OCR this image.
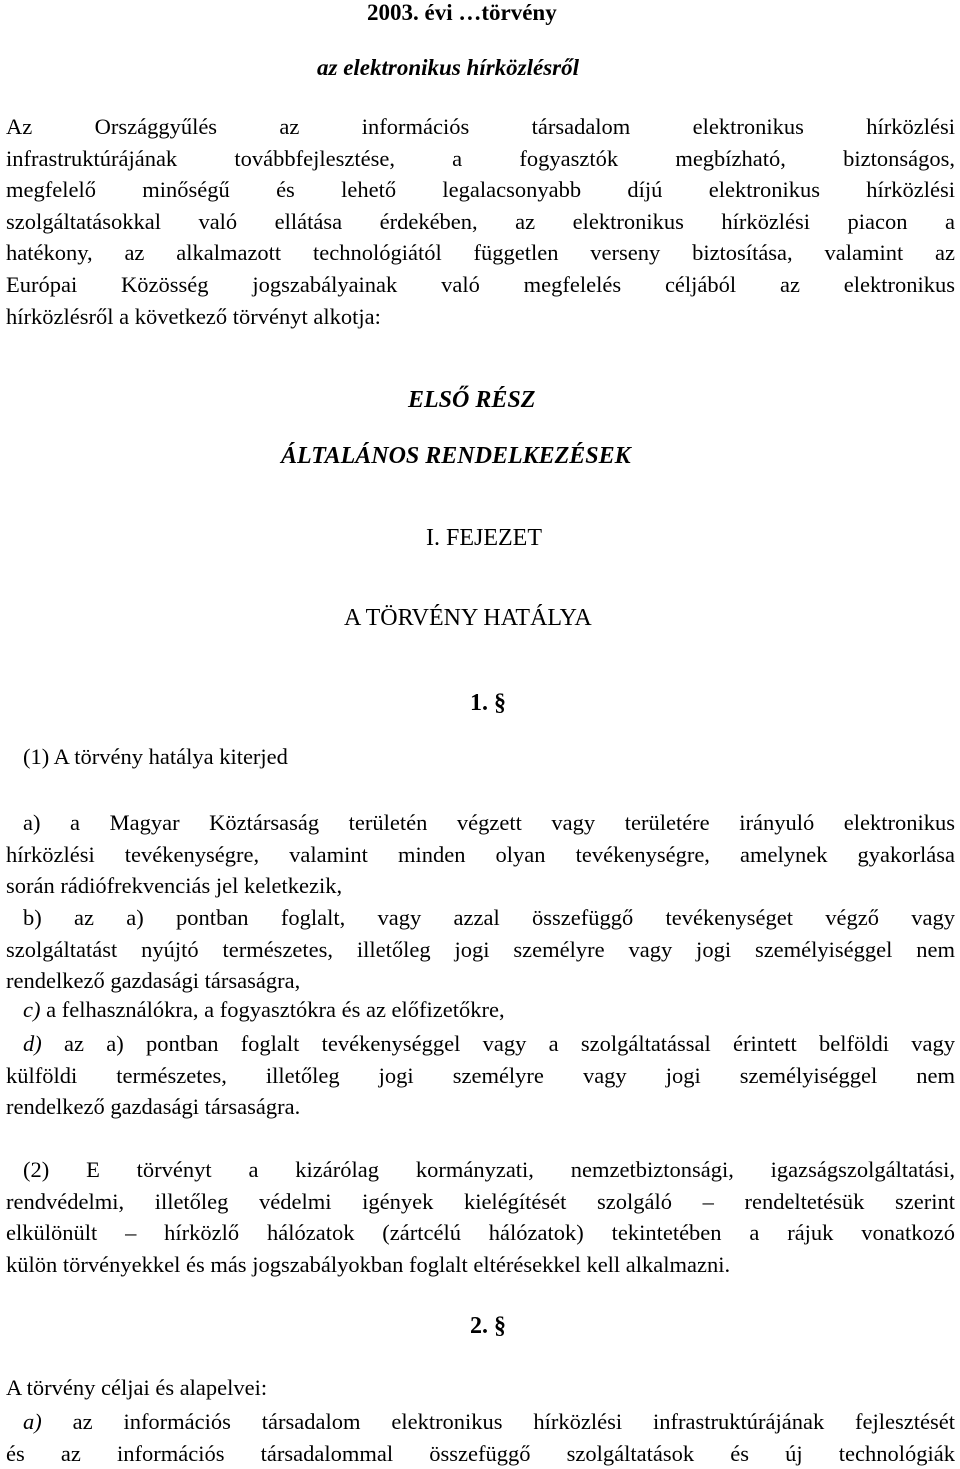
2003. évi …törvény
az elektronikus hírközlésről
Az Országgyűlés az információs társadalom elektronikus hírközlési
infrastruktúrájának továbbfejlesztése, a fogyasztók megbízható, biztonságos,
megfelelő minőségű és lehető legalacsonyabb díjú elektronikus hírközlési
szolgáltatásokkal való ellátása érdekében, az elektronikus hírközlési piacon a
hatékony, az alkalmazott technológiától független verseny biztosítása, valamint az
Európai Közösség jogszabályainak való megfelelés céljából az elektronikus
hírközlésről a következő törvényt alkotja:
ELSŐ RÉSZ
ÁLTALÁNOS RENDELKEZÉSEK
I. FEJEZET
A TÖRVÉNY HATÁLYA
1. §
(1) A törvény hatálya kiterjed
a) a Magyar Köztársaság területén végzett vagy területére irányuló elektronikus
hírközlési tevékenységre, valamint minden olyan tevékenységre, amelynek gyakorlása
során rádiófrekvenciás jel keletkezik,
b) az a) pontban foglalt, vagy azzal összefüggő tevékenységet végző vagy
szolgáltatást nyújtó természetes, illetőleg jogi személyre vagy jogi személyiséggel nem
rendelkező gazdasági társaságra,
c) a felhasználókra, a fogyasztókra és az előfizetőkre,
d) az a) pontban foglalt tevékenységgel vagy a szolgáltatással érintett belföldi vagy
külföldi természetes, illetőleg jogi személyre vagy jogi személyiséggel nem
rendelkező gazdasági társaságra.
(2) E törvényt a kizárólag kormányzati, nemzetbiztonsági, igazságszolgáltatási,
rendvédelmi, illetőleg védelmi igények kielégítését szolgáló – rendeltetésük szerint
elkülönült – hírközlő hálózatok (zártcélú hálózatok) tekintetében a rájuk vonatkozó
külön törvényekkel és más jogszabályokban foglalt eltérésekkel kell alkalmazni.
2. §
A törvény céljai és alapelvei:
a) az információs társadalom elektronikus hírközlési infrastruktúrájának fejlesztését
és az információs társadalommal összefüggő szolgáltatások és új technológiák
